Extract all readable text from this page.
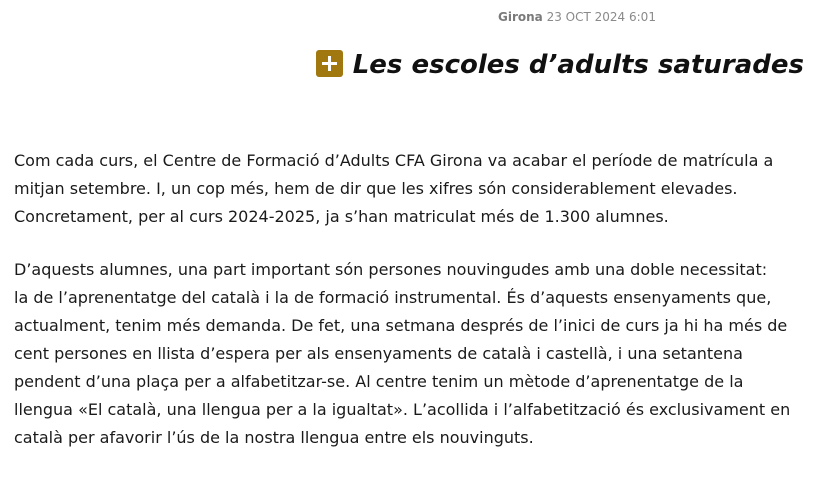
Girona 23 OCT 2024 6:01
Les escoles d’adults saturades

Com cada curs, el Centre de Formació d’Adults CFA Girona va acabar el període de matrícula a
mitjan setembre. I, un cop més, hem de dir que les xifres són considerablement elevades.
Concretament, per al curs 2024-2025, ja s’han matriculat més de 1.300 alumnes.

D’aquests alumnes, una part important són persones nouvingudes amb una doble necessitat:
la de l’aprenentatge del català i la de formació instrumental. És d’aquests ensenyaments que,
actualment, tenim més demanda. De fet, una setmana després de l’inici de curs ja hi ha més de
cent persones en llista d’espera per als ensenyaments de català i castellà, i una setantena
pendent d’una plaça per a alfabetitzar-se. Al centre tenim un mètode d’aprenentatge de la
llengua «El català, una llengua per a la igualtat». L’acollida i l’alfabetització és exclusivament en
català per afavorir l’ús de la nostra llengua entre els nouvinguts.
